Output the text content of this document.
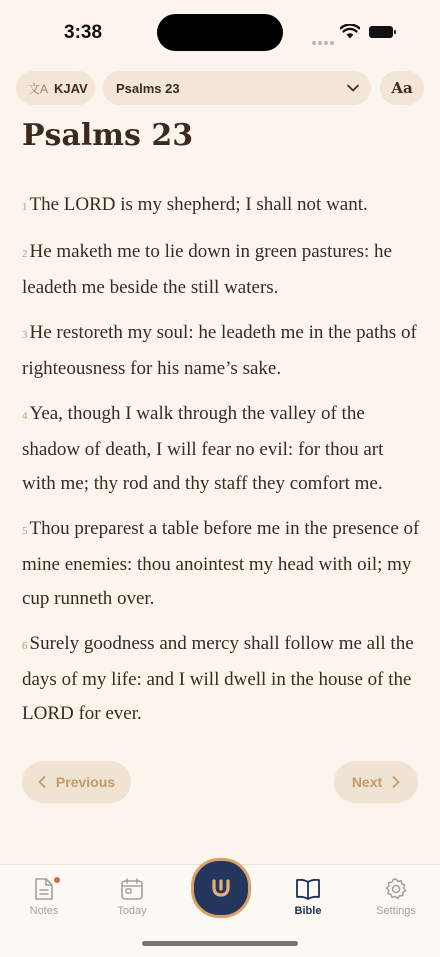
3:38
文A KJAV Psalms 23	Aa
Psalms 23

1 The LORD is my shepherd; I shall not want.

2 He maketh me to lie down in green pastures: he leadeth me beside the still waters.

3 He restoreth my soul: he leadeth me in the paths of righteousness for his name’s sake.

4 Yea, though I walk through the valley of the shadow of death, I will fear no evil: for thou art with me; thy rod and thy staff they comfort me.

5 Thou preparest a table before me in the presence of mine enemies: thou anointest my head with oil; my cup runneth over.

6 Surely goodness and mercy shall follow me all the days of my life: and I will dwell in the house of the LORD for ever.

Previous	Next
Notes	Today	Bible	Settings
